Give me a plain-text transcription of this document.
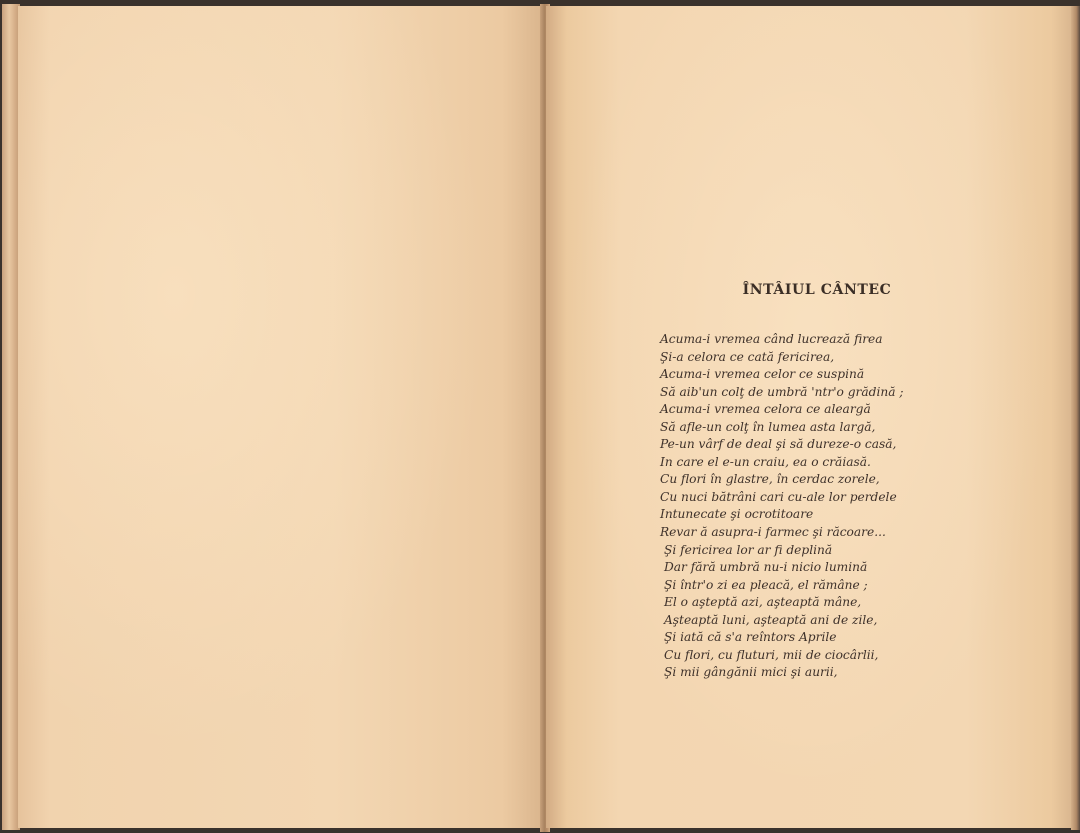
ÎNTÂIUL CÂNTEC
Acuma-i vremea când lucrează firea
Şi-a celora ce cată fericirea,
Acuma-i vremea celor ce suspină
Să aib'un colţ de umbră 'ntr'o grădină ;
Acuma-i vremea celora ce aleargă
Să afle-un colţ în lumea asta largă,
Pe-un vârf de deal şi să dureze-o casă,
In care el e-un craiu, ea o crăiasă.
Cu flori în glastre, în cerdac zorele,
Cu nuci bătrâni cari cu-ale lor perdele
Intunecate şi ocrotitoare
Revar ă asupra-i farmec şi răcoare...
Şi fericirea lor ar fi deplină
Dar fără umbră nu-i nicio lumină
Şi într'o zi ea pleacă, el rămâne ;
El o aşteptă azi, aşteaptă mâne,
Aşteaptă luni, aşteaptă ani de zile,
Şi iată că s'a reîntors Aprile
Cu flori, cu fluturi, mii de ciocârlii,
Şi mii gângănii mici şi aurii,
